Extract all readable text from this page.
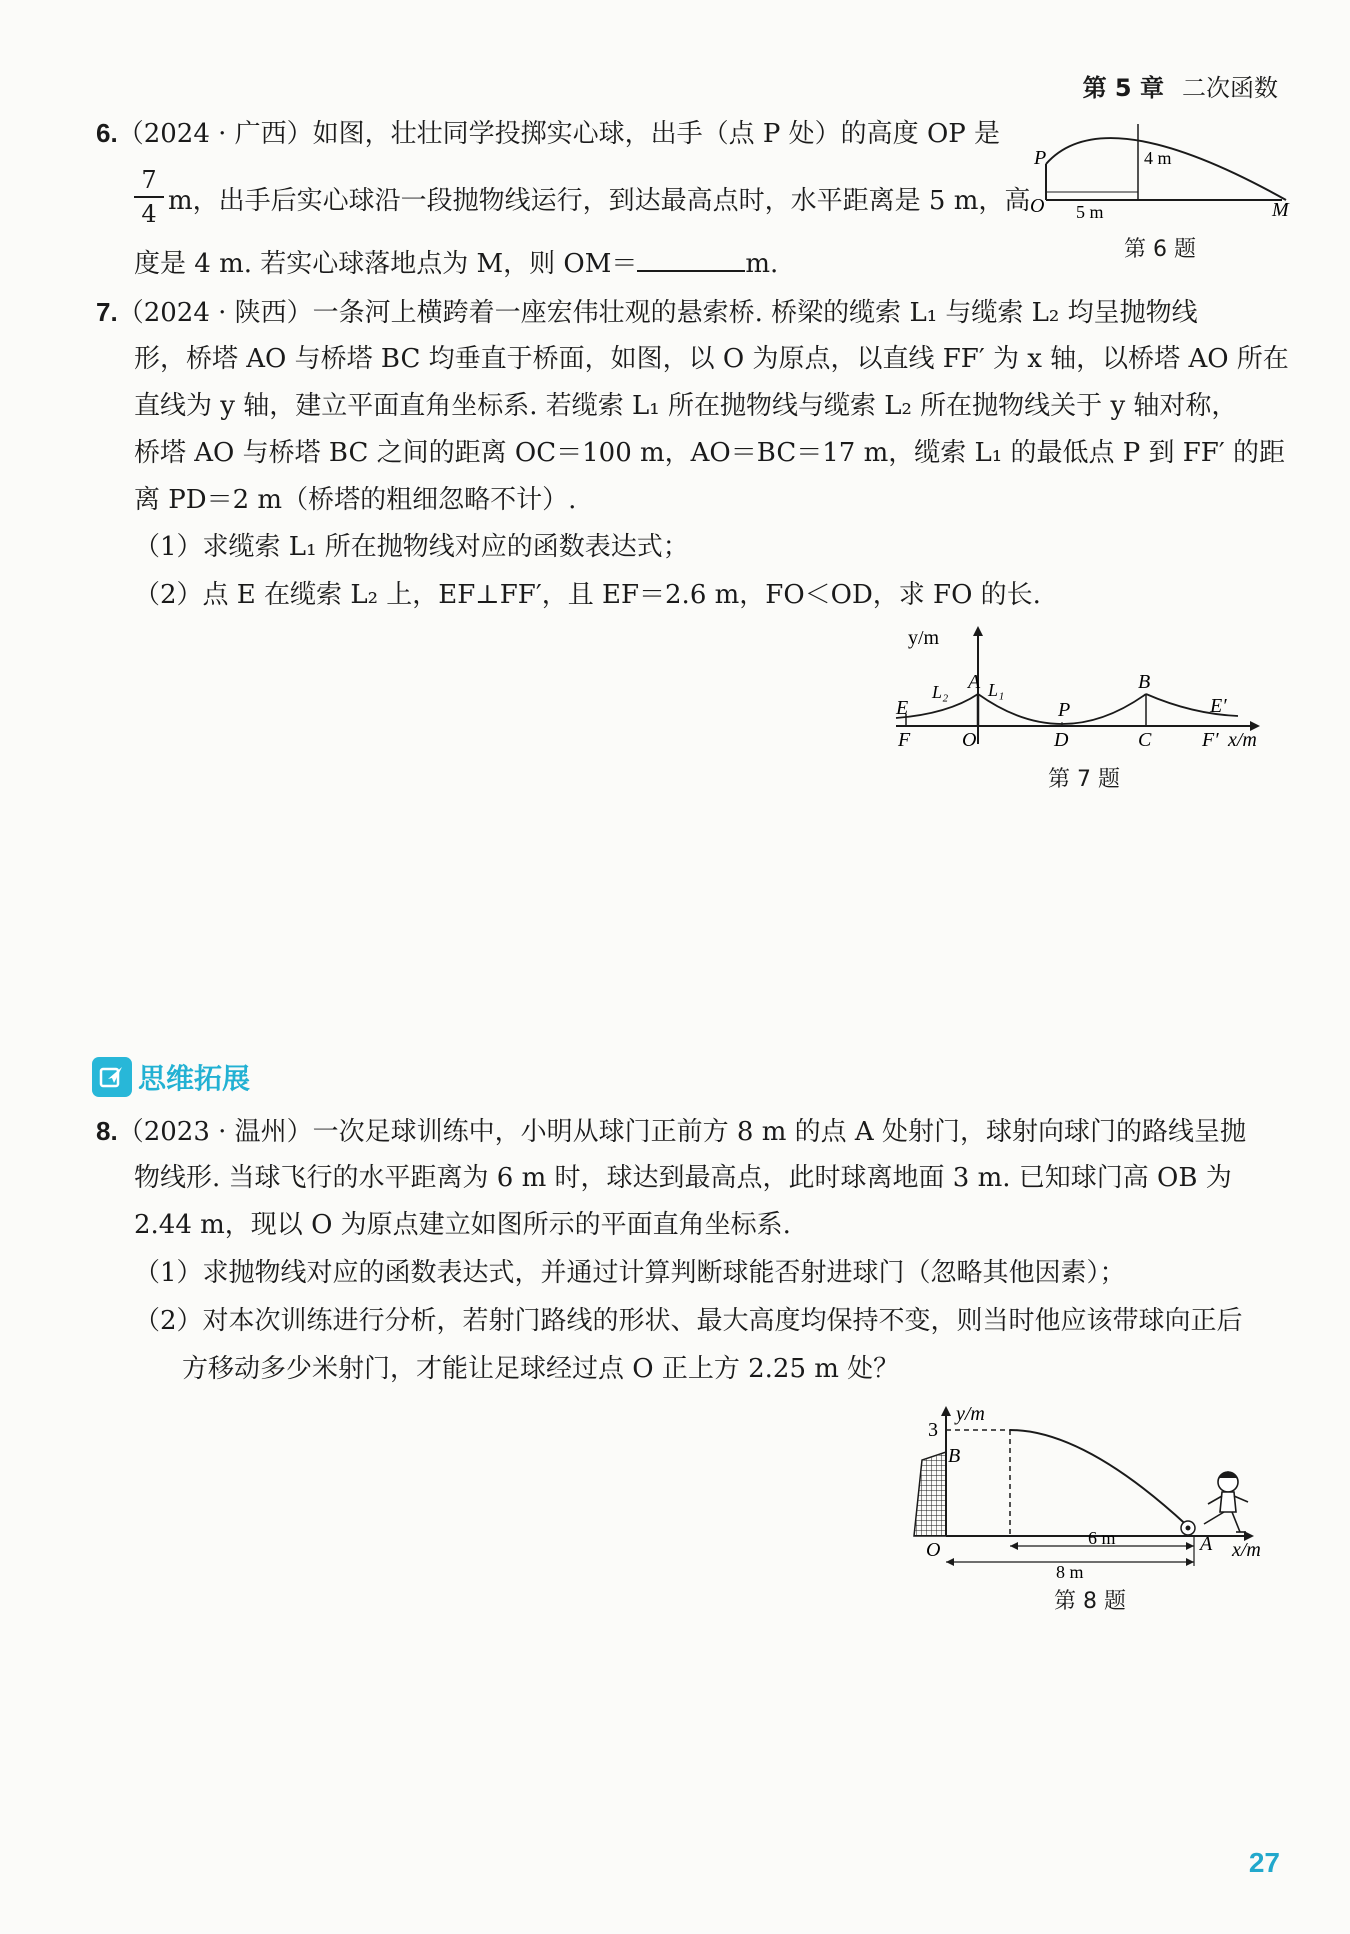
第 5 章 二次函数
6.（2024 · 广西）如图，壮壮同学投掷实心球，出手（点 P 处）的高度 OP 是
7
4 m，出手后实心球沿一段抛物线运行，到达最高点时，水平距离是 5 m，高
度是 4 m. 若实心球落地点为 M，则 OM＝	m.
P
O	M
4 m
5 m
第 6 题
7.（2024 · 陕西）一条河上横跨着一座宏伟壮观的悬索桥. 桥梁的缆索 L₁ 与缆索 L₂ 均呈抛物线
形，桥塔 AO 与桥塔 BC 均垂直于桥面，如图，以 O 为原点，以直线 FF′ 为 x 轴，以桥塔 AO 所在
直线为 y 轴，建立平面直角坐标系. 若缆索 L₁ 所在抛物线与缆索 L₂ 所在抛物线关于 y 轴对称，
桥塔 AO 与桥塔 BC 之间的距离 OC＝100 m，AO＝BC＝17 m，缆索 L₁ 的最低点 P 到 FF′ 的距
离 PD＝2 m（桥塔的粗细忽略不计）.
（1）求缆索 L₁ 所在抛物线对应的函数表达式；
（2）点 E 在缆索 L₂ 上，EF⊥FF′，且 EF＝2.6 m，FO＜OD，求 FO 的长.
y/m
x/m
A	B
E	E′
F	F′
O	D	C
P
L₁
L₂
第 7 题
思维拓展
8.（2023 · 温州）一次足球训练中，小明从球门正前方 8 m 的点 A 处射门，球射向球门的路线呈抛
物线形. 当球飞行的水平距离为 6 m 时，球达到最高点，此时球离地面 3 m. 已知球门高 OB 为
2.44 m，现以 O 为原点建立如图所示的平面直角坐标系.
（1）求抛物线对应的函数表达式，并通过计算判断球能否射进球门（忽略其他因素）；
（2）对本次训练进行分析，若射门路线的形状、最大高度均保持不变，则当时他应该带球向正后
方移动多少米射门，才能让足球经过点 O 正上方 2.25 m 处？
y/m
x/m
3
B
O	A
6 m
8 m
第 8 题
27
